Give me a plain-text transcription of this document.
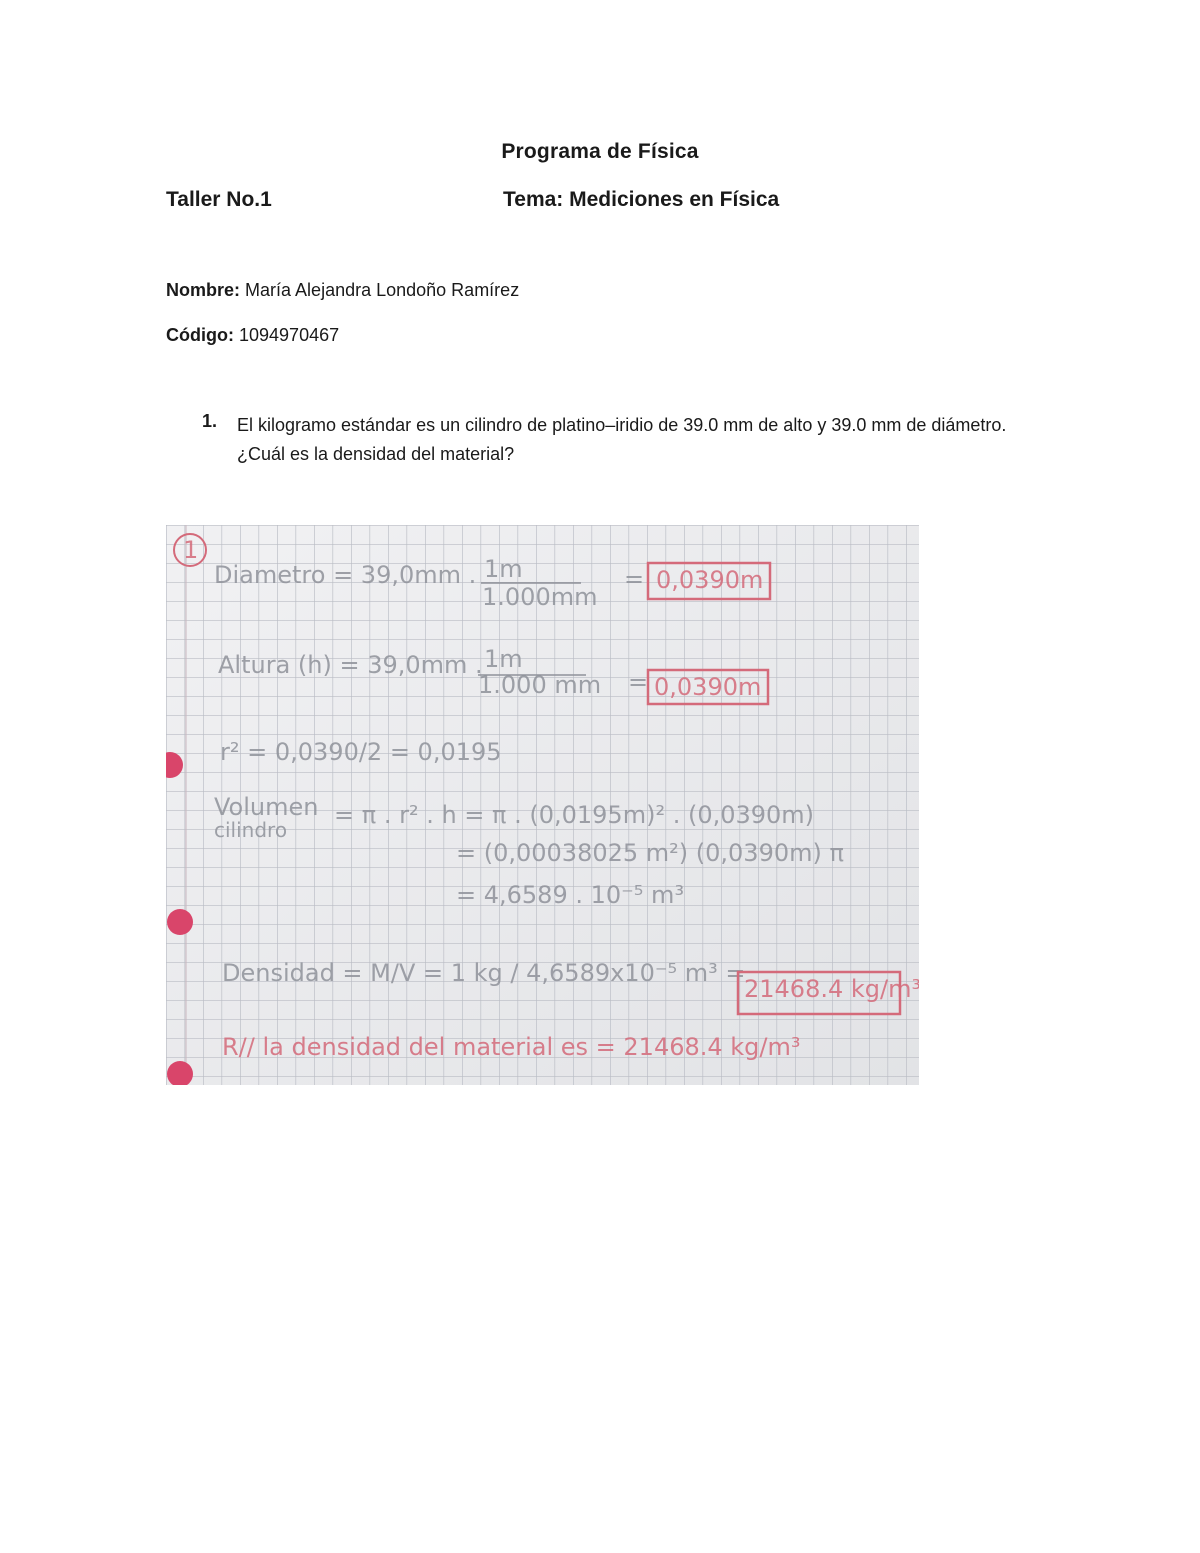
Programa de Física
Taller No.1	Tema: Mediciones en Física
Nombre: María Alejandra Londoño Ramírez
Código: 1094970467
1. El kilogramo estándar es un cilindro de platino–iridio de 39.0 mm de alto y 39.0 mm de diámetro. ¿Cuál es la densidad del material?
1
Diametro = 39,0mm . 1m
1.000mm
= 0,0390m
Altura (h) = 39,0mm . 1m
1.000 mm = 0,0390m
r² = 0,0390/2 = 0,0195
Volumen
cilindro
= π . r² . h = π . (0,0195m)² . (0,0390m)
= (0,00038025 m²) (0,0390m) π
= 4,6589 . 10⁻⁵ m³
Densidad = M/V = 1 kg / 4,6589x10⁻⁵ m³ =
21468.4 kg/m³
R// la densidad del material es = 21468.4 kg/m³
